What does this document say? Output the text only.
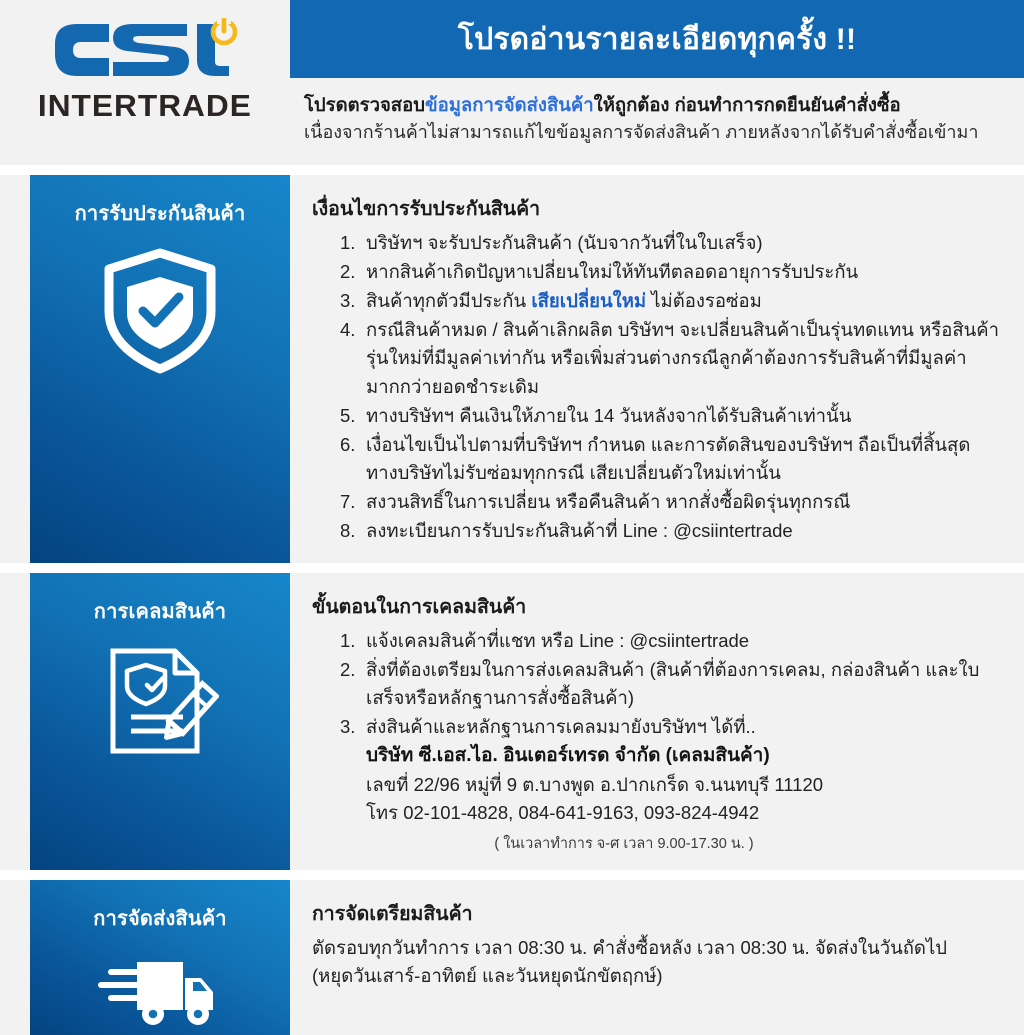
INTERTRADE
โปรดอ่านรายละเอียดทุกครั้ง !!
โปรดตรวจสอบข้อมูลการจัดส่งสินค้าให้ถูกต้อง ก่อนทำการกดยืนยันคำสั่งซื้อ
เนื่องจากร้านค้าไม่สามารถแก้ไขข้อมูลการจัดส่งสินค้า ภายหลังจากได้รับคำสั่งซื้อเข้ามา
การรับประกันสินค้า	เงื่อนไขการรับประกันสินค้า
บริษัทฯ จะรับประกันสินค้า (นับจากวันที่ในใบเสร็จ)
หากสินค้าเกิดปัญหาเปลี่ยนใหม่ให้ทันทีตลอดอายุการรับประกัน
สินค้าทุกตัวมีประกัน เสียเปลี่ยนใหม่ ไม่ต้องรอซ่อม
กรณีสินค้าหมด / สินค้าเลิกผลิต บริษัทฯ จะเปลี่ยนสินค้าเป็นรุ่นทดแทน หรือสินค้ารุ่นใหม่ที่มีมูลค่าเท่ากัน หรือเพิ่มส่วนต่างกรณีลูกค้าต้องการรับสินค้าที่มีมูลค่ามากกว่ายอดชำระเดิม
ทางบริษัทฯ คืนเงินให้ภายใน 14 วันหลังจากได้รับสินค้าเท่านั้น
เงื่อนไขเป็นไปตามที่บริษัทฯ กำหนด และการตัดสินของบริษัทฯ ถือเป็นที่สิ้นสุด ทางบริษัทไม่รับซ่อมทุกกรณี เสียเปลี่ยนตัวใหม่เท่านั้น
สงวนสิทธิ์ในการเปลี่ยน หรือคืนสินค้า หากสั่งซื้อผิดรุ่นทุกกรณี
ลงทะเบียนการรับประกันสินค้าที่ Line : @csiintertrade
การเคลมสินค้า	ขั้นตอนในการเคลมสินค้า
แจ้งเคลมสินค้าที่แชท หรือ Line : @csiintertrade
สิ่งที่ต้องเตรียมในการส่งเคลมสินค้า (สินค้าที่ต้องการเคลม, กล่องสินค้า และใบเสร็จหรือหลักฐานการสั่งซื้อสินค้า)
ส่งสินค้าและหลักฐานการเคลมมายังบริษัทฯ ได้ที่..
บริษัท ซี.เอส.ไอ. อินเตอร์เทรด จำกัด (เคลมสินค้า)
เลขที่ 22/96 หมู่ที่ 9 ต.บางพูด อ.ปากเกร็ด จ.นนทบุรี 11120
โทร 02-101-4828, 084-641-9163, 093-824-4942
( ในเวลาทำการ จ-ศ เวลา 9.00-17.30 น. )
การจัดส่งสินค้า	การจัดเตรียมสินค้า
ตัดรอบทุกวันทำการ เวลา 08:30 น. คำสั่งซื้อหลัง เวลา 08:30 น. จัดส่งในวันถัดไป
(หยุดวันเสาร์-อาทิตย์ และวันหยุดนักขัตฤกษ์)
